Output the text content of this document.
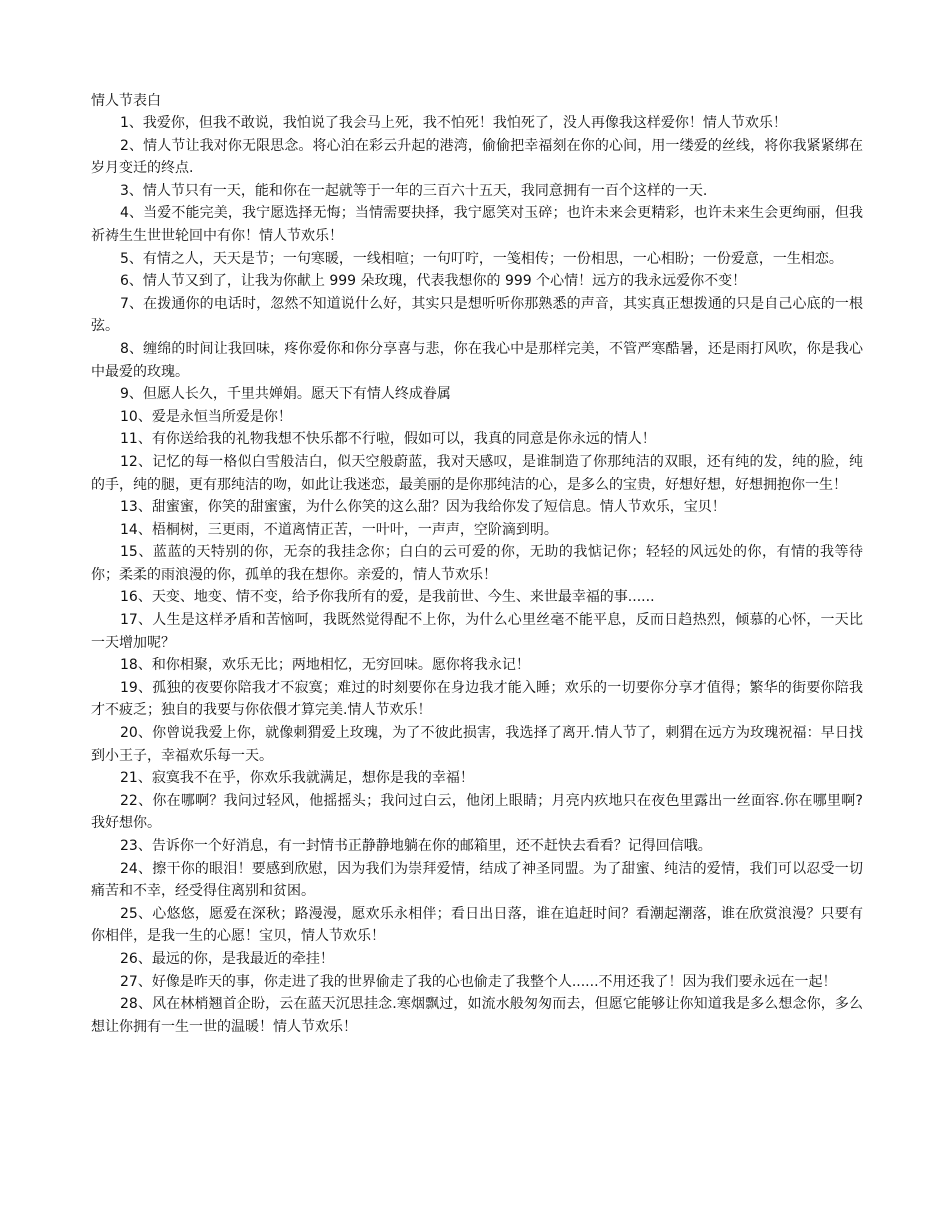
情人节表白

1、我爱你，但我不敢说，我怕说了我会马上死，我不怕死！我怕死了，没人再像我这样爱你！情人节欢乐！

2、情人节让我对你无限思念。将心泊在彩云升起的港湾，偷偷把幸福刻在你的心间，用一缕爱的丝线，将你我紧紧绑在岁月变迁的终点.

3、情人节只有一天，能和你在一起就等于一年的三百六十五天，我同意拥有一百个这样的一天.

4、当爱不能完美，我宁愿选择无悔；当情需要抉择，我宁愿笑对玉碎；也许未来会更精彩，也许未来生会更绚丽，但我祈祷生生世世轮回中有你！情人节欢乐！

5、有情之人，天天是节；一句寒暖，一线相喧；一句叮咛，一笺相传；一份相思，一心相盼；一份爱意，一生相恋。

6、情人节又到了，让我为你献上 999 朵玫瑰，代表我想你的 999 个心情！远方的我永远爱你不变！

7、在拨通你的电话时，忽然不知道说什么好，其实只是想听听你那熟悉的声音，其实真正想拨通的只是自己心底的一根弦。

8、缠绵的时间让我回味，疼你爱你和你分享喜与悲，你在我心中是那样完美，不管严寒酷暑，还是雨打风吹，你是我心中最爱的玫瑰。

9、但愿人长久，千里共婵娟。愿天下有情人终成眷属

10、爱是永恒当所爱是你！

11、有你送给我的礼物我想不快乐都不行啦，假如可以，我真的同意是你永远的情人！

12、记忆的每一格似白雪般洁白，似天空般蔚蓝，我对天感叹，是谁制造了你那纯洁的双眼，还有纯的发，纯的脸，纯的手，纯的腿，更有那纯洁的吻，如此让我迷恋，最美丽的是你那纯洁的心，是多么的宝贵，好想好想，好想拥抱你一生！

13、甜蜜蜜，你笑的甜蜜蜜，为什么你笑的这么甜？因为我给你发了短信息。情人节欢乐，宝贝！

14、梧桐树，三更雨，不道离情正苦，一叶叶，一声声，空阶滴到明。

15、蓝蓝的天特别的你，无奈的我挂念你；白白的云可爱的你，无助的我惦记你；轻轻的风远处的你，有情的我等待你；柔柔的雨浪漫的你，孤单的我在想你。亲爱的，情人节欢乐！

16、天变、地变、情不变，给予你我所有的爱，是我前世、今生、来世最幸福的事......

17、人生是这样矛盾和苦恼呵，我既然觉得配不上你，为什么心里丝毫不能平息，反而日趋热烈，倾慕的心怀，一天比一天增加呢？

18、和你相聚，欢乐无比；两地相忆，无穷回味。愿你将我永记！

19、孤独的夜要你陪我才不寂寞；难过的时刻要你在身边我才能入睡；欢乐的一切要你分享才值得；繁华的街要你陪我才不疲乏；独自的我要与你依偎才算完美.情人节欢乐！

20、你曾说我爱上你，就像刺猬爱上玫瑰，为了不彼此损害，我选择了离开.情人节了，刺猬在远方为玫瑰祝福：早日找到小王子，幸福欢乐每一天。

21、寂寞我不在乎，你欢乐我就满足，想你是我的幸福！

22、你在哪啊？我问过轻风，他摇摇头；我问过白云，他闭上眼睛；月亮内疚地只在夜色里露出一丝面容.你在哪里啊?我好想你。

23、告诉你一个好消息，有一封情书正静静地躺在你的邮箱里，还不赶快去看看？记得回信哦。

24、擦干你的眼泪！要感到欣慰，因为我们为崇拜爱情，结成了神圣同盟。为了甜蜜、纯洁的爱情，我们可以忍受一切痛苦和不幸，经受得住离别和贫困。

25、心悠悠，愿爱在深秋；路漫漫，愿欢乐永相伴；看日出日落，谁在追赶时间？看潮起潮落，谁在欣赏浪漫？只要有你相伴，是我一生的心愿！宝贝，情人节欢乐！

26、最远的你，是我最近的牵挂！

27、好像是昨天的事，你走进了我的世界偷走了我的心也偷走了我整个人......不用还我了！因为我们要永远在一起！

28、风在林梢翘首企盼，云在蓝天沉思挂念.寒烟飘过，如流水般匆匆而去，但愿它能够让你知道我是多么想念你，多么想让你拥有一生一世的温暖！情人节欢乐！
